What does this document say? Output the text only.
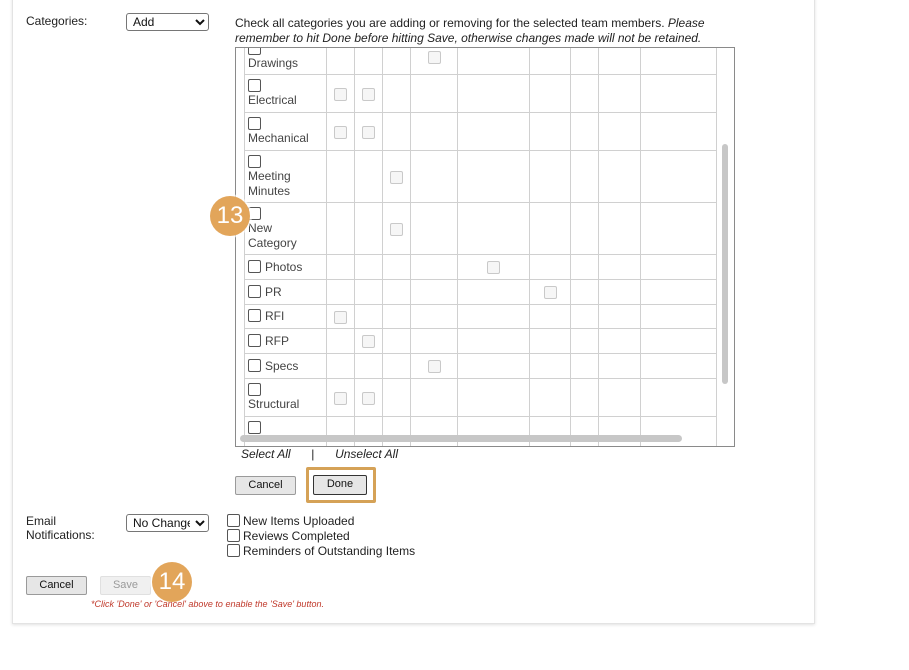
Categories:
Add	Check all categories you are adding or removing for the selected team members. Please remember to hit Done before hitting Save, otherwise changes made will not be retained.
Drawings									

Electrical									

Mechanical									

Meeting Minutes									

New Category									

Photos									
PR									
RFI									
RFP									
Specs									

Structural									

Select All | Unselect All
Cancel	Done
13
Email
Notifications:
No Change
New Items Uploaded
Reviews Completed
Reminders of Outstanding Items
Cancel	Save 14
*Click 'Done' or 'Cancel' above to enable the 'Save' button.
